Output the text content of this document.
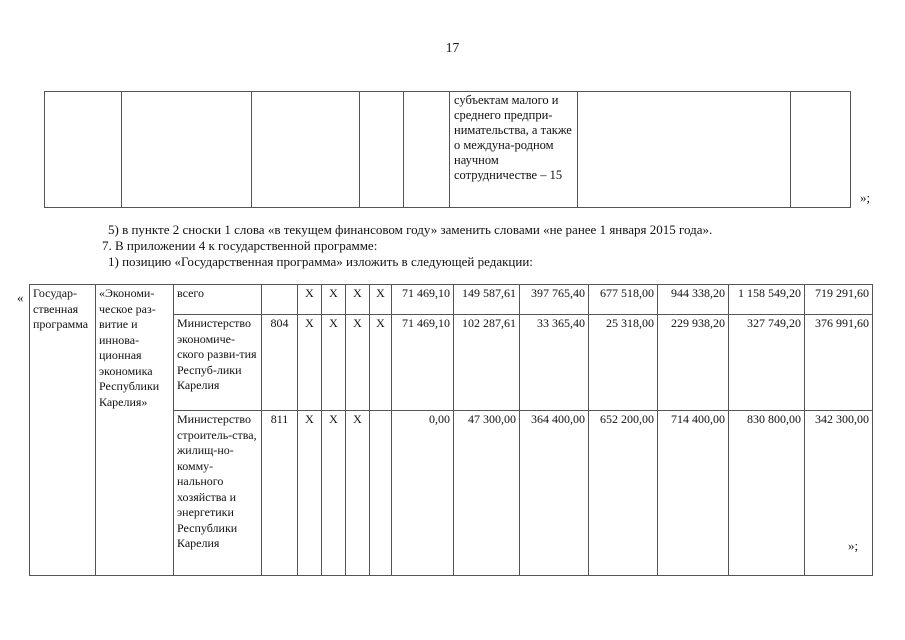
17
					субъектам малого и среднего предпри-нимательства, а также о междуна-родном научном сотрудничестве – 15		
»;
5) в пункте 2 сноски 1 слова «в текущем финансовом году» заменить словами «не ранее 1 января 2015 года».
7. В приложении 4 к государственной программе:
1) позицию «Государственная программа» изложить в следующей редакции:
« Государ-ственная программа	«Экономи-ческое раз-витие и иннова-ционная экономика Республики Карелия»	всего		Х	Х	Х	Х	71 469,10	149 587,61	397 765,40	677 518,00	944 338,20	1 158 549,20	719 291,60
		Министерство экономиче-ского разви-тия Респуб-лики Карелия	804	Х	Х	Х	Х	71 469,10	102 287,61	33 365,40	25 318,00	229 938,20	327 749,20	376 991,60
		Министерство строитель-ства, жилищ-но-комму-нального хозяйства и энергетики Республики Карелия	811	Х	Х	Х		0,00	47 300,00	364 400,00	652 200,00	714 400,00	830 800,00	342 300,00
»;
